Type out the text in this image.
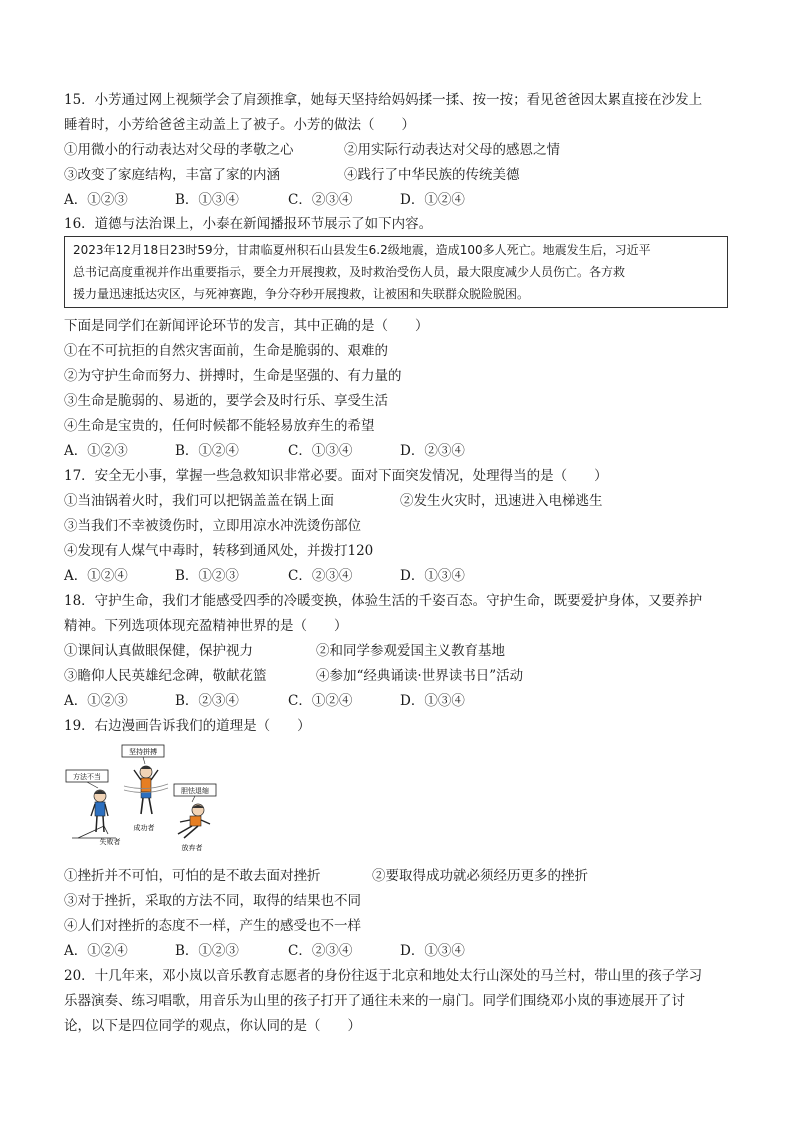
15．小芳通过网上视频学会了肩颈推拿，她每天坚持给妈妈揉一揉、按一按；看见爸爸因太累直接在沙发上
睡着时，小芳给爸爸主动盖上了被子。小芳的做法（　　）
①用微小的行动表达对父母的孝敬之心	②用实际行动表达对父母的感恩之情
③改变了家庭结构，丰富了家的内涵	④践行了中华民族的传统美德
A．①②③	B．①③④	C．②③④	D．①②④
16．道德与法治课上，小泰在新闻播报环节展示了如下内容。
2023年12月18日23时59分，甘肃临夏州积石山县发生6.2级地震，造成100多人死亡。地震发生后，习近平
总书记高度重视并作出重要指示，要全力开展搜救，及时救治受伤人员，最大限度减少人员伤亡。各方救
援力量迅速抵达灾区，与死神赛跑，争分夺秒开展搜救，让被困和失联群众脱险脱困。
下面是同学们在新闻评论环节的发言，其中正确的是（　　）
①在不可抗拒的自然灾害面前，生命是脆弱的、艰难的
②为守护生命而努力、拼搏时，生命是坚强的、有力量的
③生命是脆弱的、易逝的，要学会及时行乐、享受生活
④生命是宝贵的，任何时候都不能轻易放弃生的希望
A．①②③	B．①②④	C．①③④	D．②③④
17．安全无小事，掌握一些急救知识非常必要。面对下面突发情况，处理得当的是（　　）
①当油锅着火时，我们可以把锅盖盖在锅上面	②发生火灾时，迅速进入电梯逃生
③当我们不幸被烫伤时，立即用凉水冲洗烫伤部位
④发现有人煤气中毒时，转移到通风处，并拨打120
A．①②④	B．①②③	C．②③④	D．①③④
18．守护生命，我们才能感受四季的冷暖变换，体验生活的千姿百态。守护生命，既要爱护身体，又要养护
精神。下列选项体现充盈精神世界的是（　　）
①课间认真做眼保健，保护视力	②和同学参观爱国主义教育基地
③瞻仰人民英雄纪念碑，敬献花篮	④参加“经典诵读·世界读书日”活动
A．①②③	B．②③④	C．①②④	D．①③④
19．右边漫画告诉我们的道理是（　　）
坚持拼搏
方法不当
胆怯退缩
成功者
失败者
放弃者
①挫折并不可怕，可怕的是不敢去面对挫折	②要取得成功就必须经历更多的挫折
③对于挫折，采取的方法不同，取得的结果也不同
④人们对挫折的态度不一样，产生的感受也不一样
A．①②④	B．①②③	C．②③④	D．①③④
20．十几年来，邓小岚以音乐教育志愿者的身份往返于北京和地处太行山深处的马兰村，带山里的孩子学习
乐器演奏、练习唱歌，用音乐为山里的孩子打开了通往未来的一扇门。同学们围绕邓小岚的事迹展开了讨
论，以下是四位同学的观点，你认同的是（　　）
